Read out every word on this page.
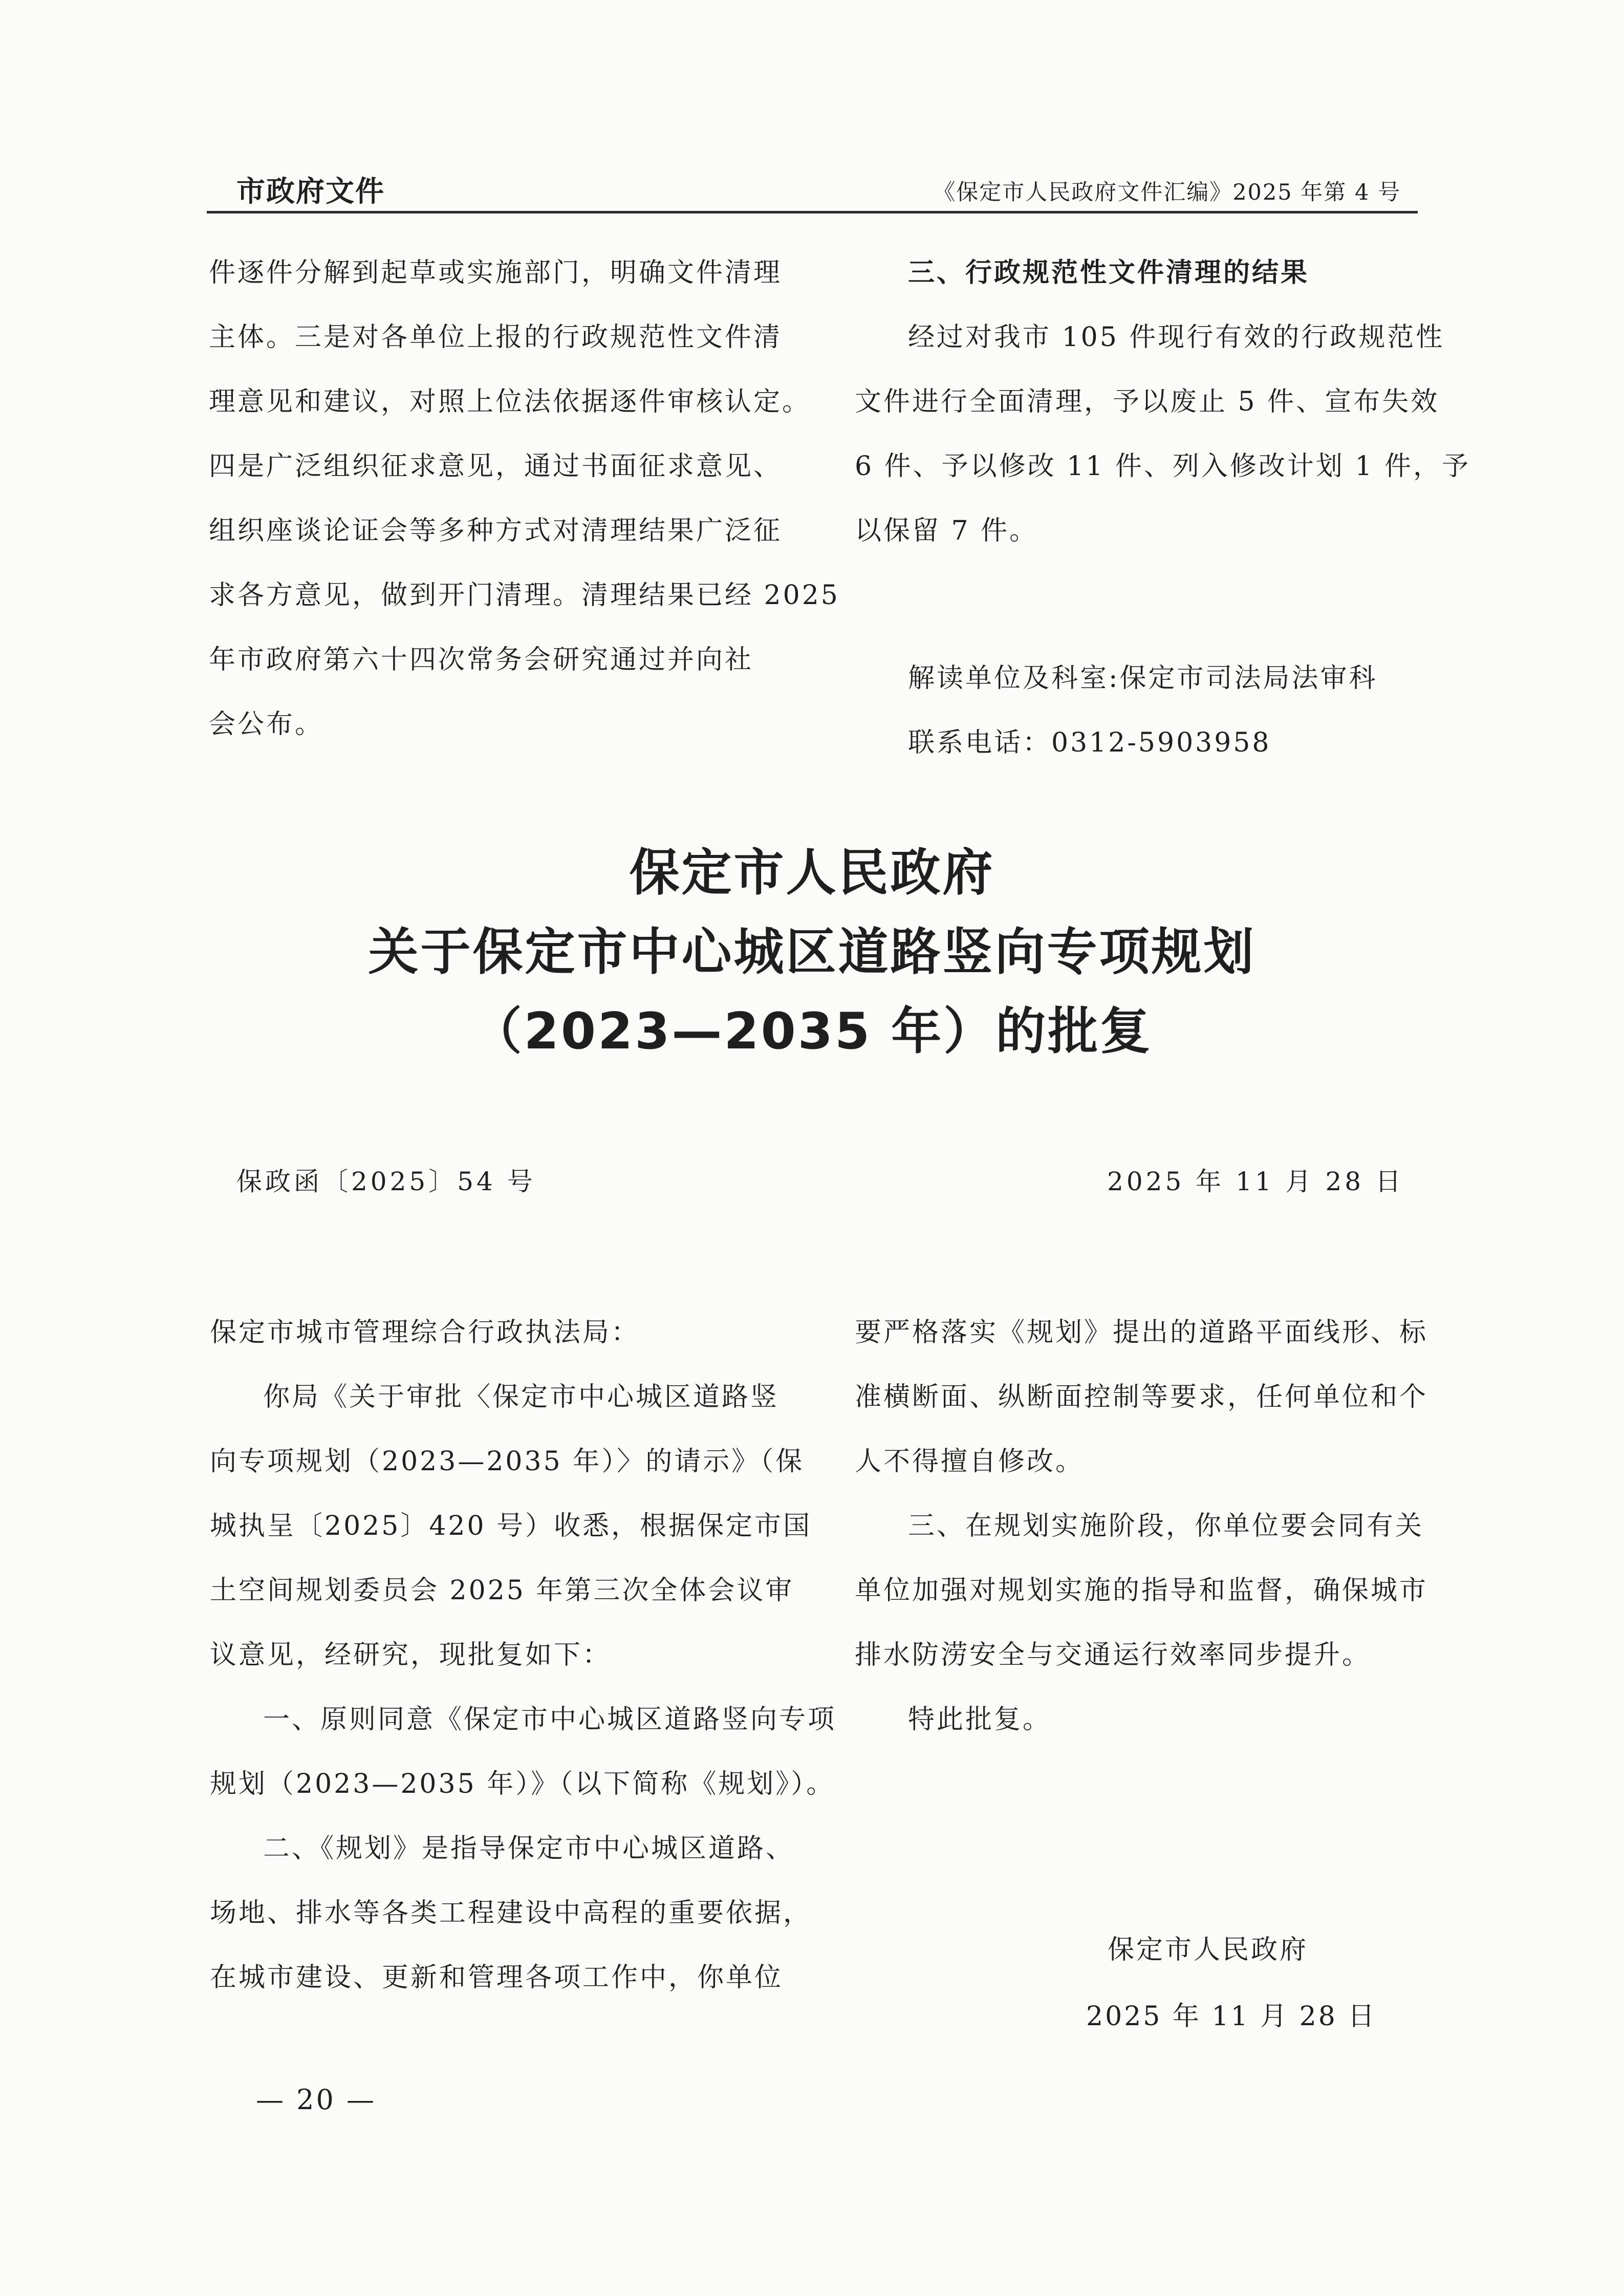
市政府文件	《保定市人民政府文件汇编》2025 年第 4 号
件逐件分解到起草或实施部门，明确文件清理
主体。三是对各单位上报的行政规范性文件清
理意见和建议，对照上位法依据逐件审核认定。
四是广泛组织征求意见，通过书面征求意见、
组织座谈论证会等多种方式对清理结果广泛征
求各方意见，做到开门清理。清理结果已经 2025
年市政府第六十四次常务会研究通过并向社
会公布。
三、行政规范性文件清理的结果
经过对我市 105 件现行有效的行政规范性
文件进行全面清理，予以废止 5 件、宣布失效
6 件、予以修改 11 件、列入修改计划 1 件，予
以保留 7 件。
解读单位及科室:保定市司法局法审科
联系电话：0312-5903958
保定市人民政府
关于保定市中心城区道路竖向专项规划
（2023—2035 年）的批复
保政函〔2025〕54 号	2025 年 11 月 28 日
保定市城市管理综合行政执法局：
你局《关于审批〈保定市中心城区道路竖
向专项规划（2023—2035 年）〉的请示》（保
城执呈〔2025〕420 号）收悉，根据保定市国
土空间规划委员会 2025 年第三次全体会议审
议意见，经研究，现批复如下：
一、原则同意《保定市中心城区道路竖向专项
规划（2023—2035 年）》（以下简称《规划》）。
二、《规划》是指导保定市中心城区道路、
场地、排水等各类工程建设中高程的重要依据，
在城市建设、更新和管理各项工作中，你单位
要严格落实《规划》提出的道路平面线形、标
准横断面、纵断面控制等要求，任何单位和个
人不得擅自修改。
三、在规划实施阶段，你单位要会同有关
单位加强对规划实施的指导和监督，确保城市
排水防涝安全与交通运行效率同步提升。
特此批复。
保定市人民政府
2025 年 11 月 28 日
— 20 —
